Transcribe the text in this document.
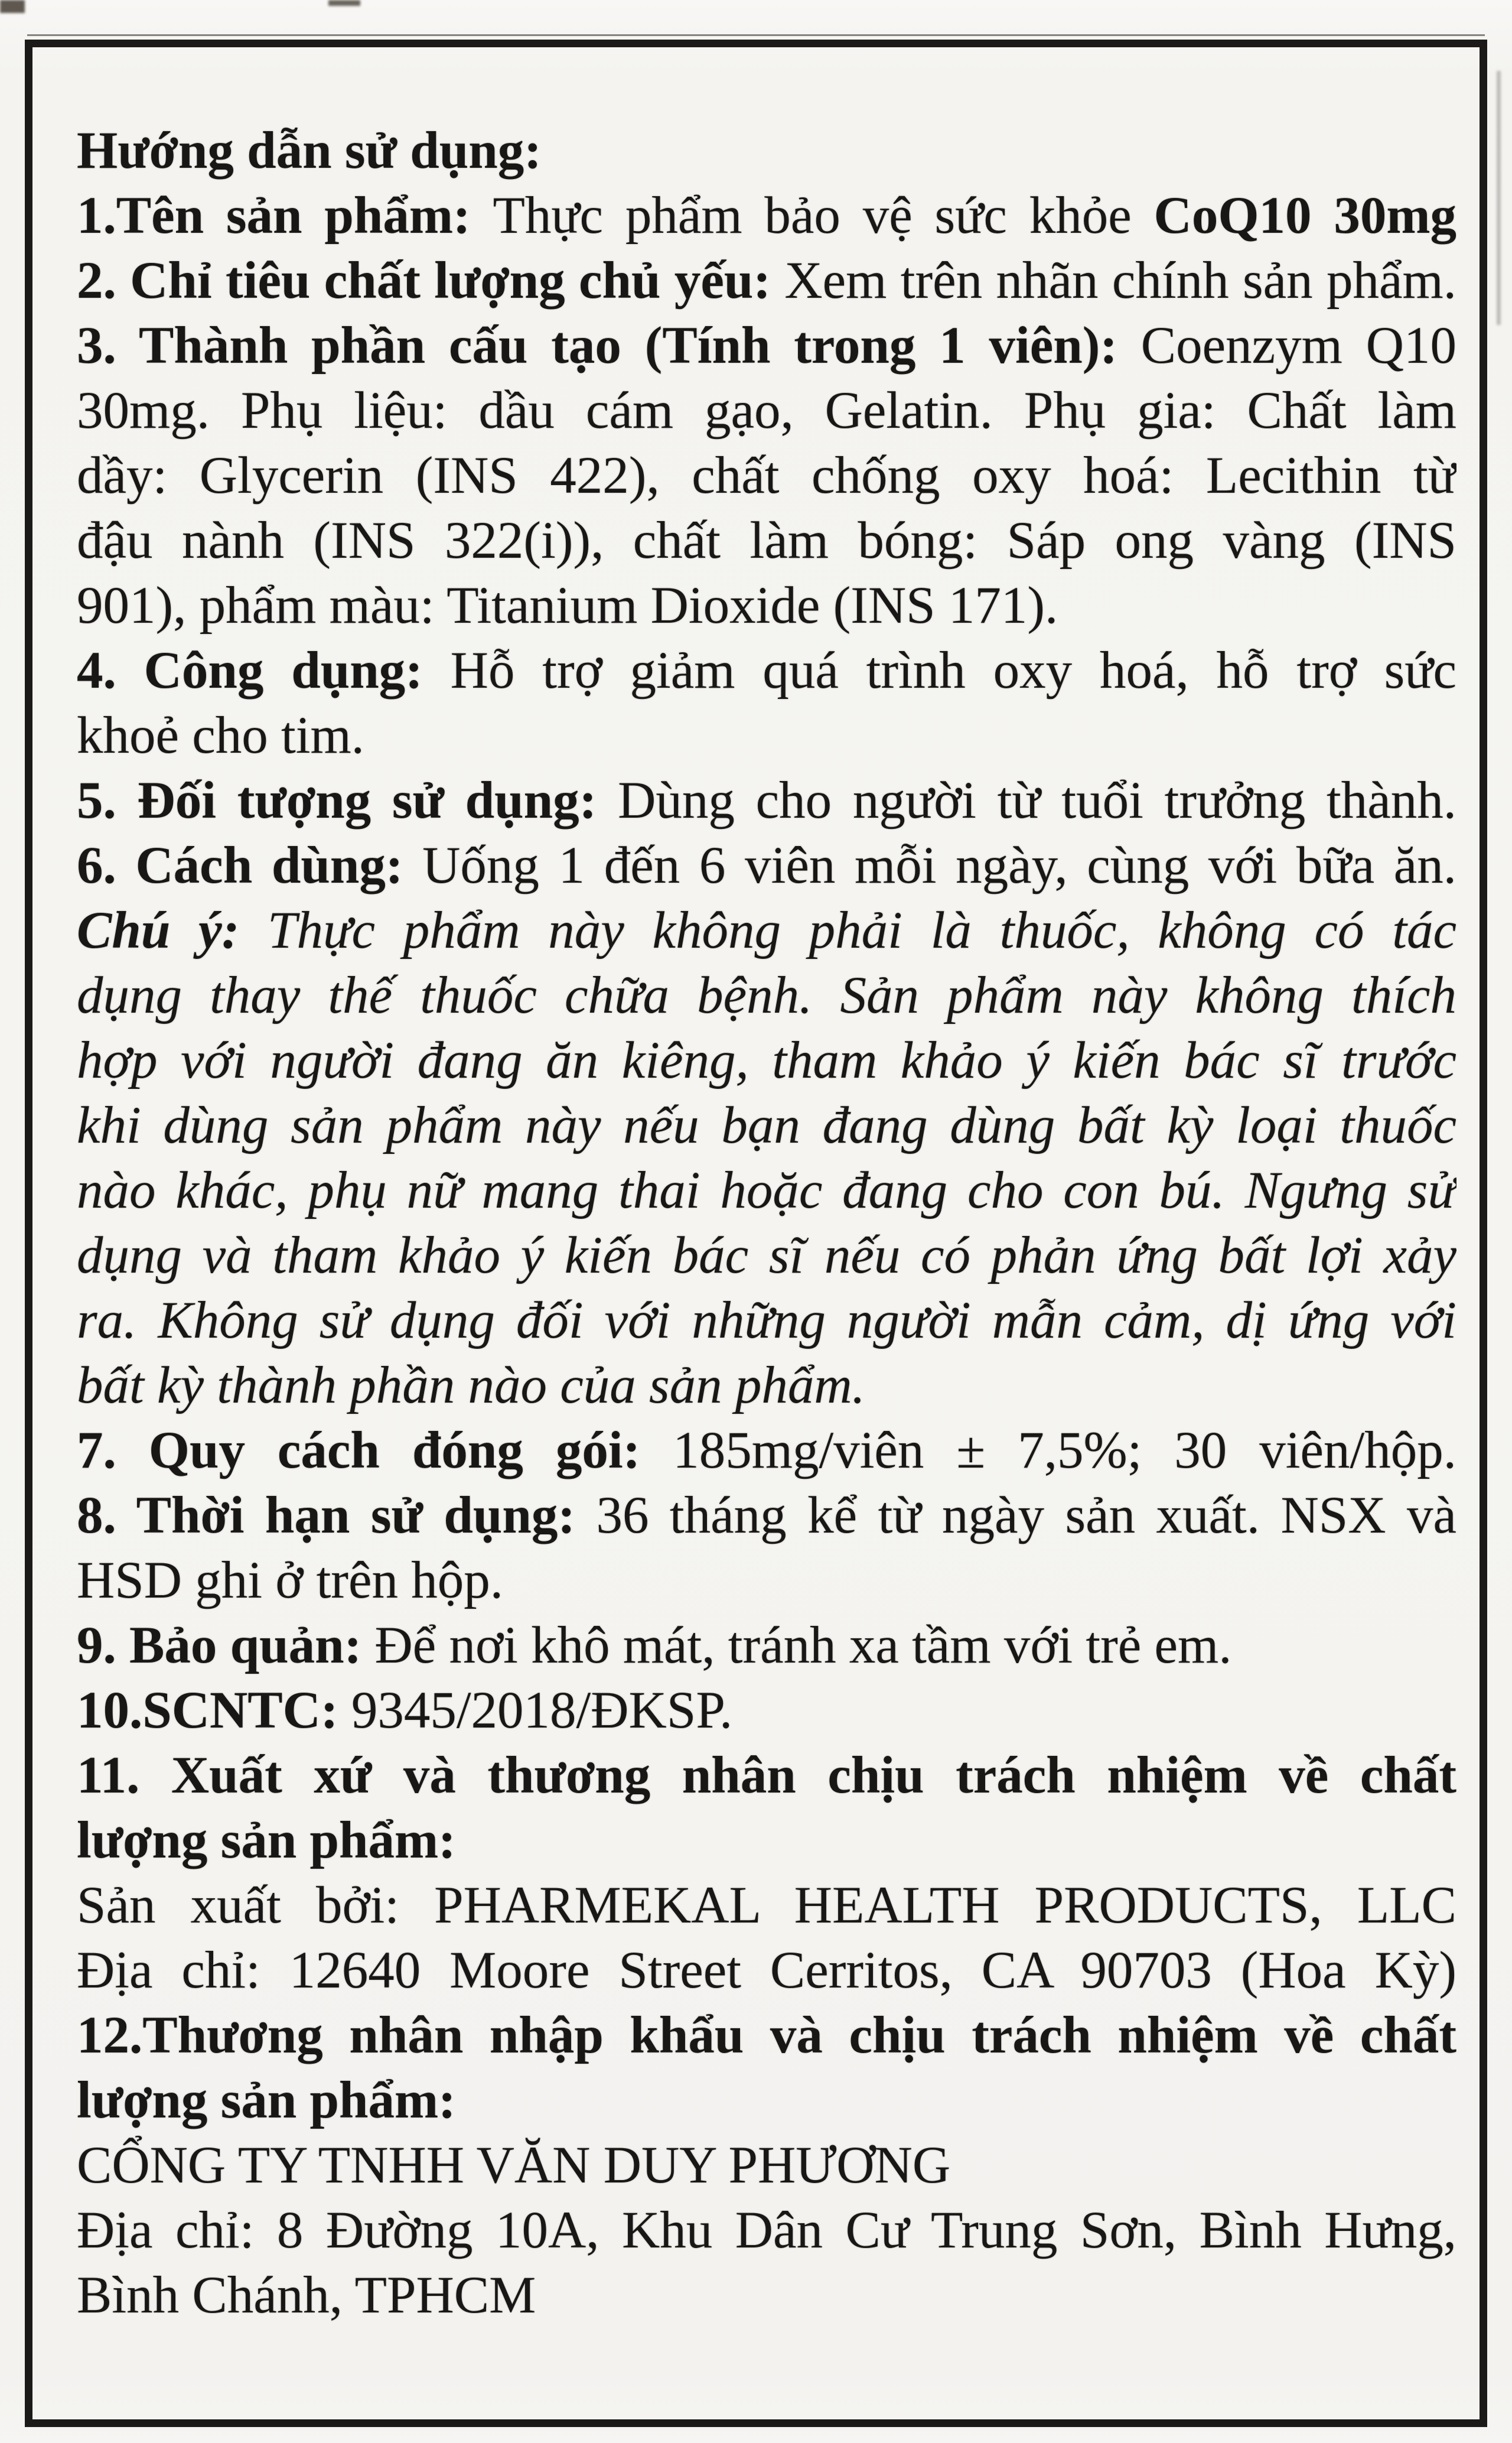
Hướng dẫn sử dụng:
1.Tên sản phẩm: Thực phẩm bảo vệ sức khỏe CoQ10 30mg
2. Chỉ tiêu chất lượng chủ yếu: Xem trên nhãn chính sản phẩm.
3. Thành phần cấu tạo (Tính trong 1 viên): Coenzym Q10
30mg. Phụ liệu: dầu cám gạo, Gelatin. Phụ gia: Chất làm
dầy: Glycerin (INS 422), chất chống oxy hoá: Lecithin từ
đậu nành (INS 322(i)), chất làm bóng: Sáp ong vàng (INS
901), phẩm màu: Titanium Dioxide (INS 171).
4. Công dụng: Hỗ trợ giảm quá trình oxy hoá, hỗ trợ sức
khoẻ cho tim.
5. Đối tượng sử dụng: Dùng cho người từ tuổi trưởng thành.
6. Cách dùng: Uống 1 đến 6 viên mỗi ngày, cùng với bữa ăn.
Chú ý: Thực phẩm này không phải là thuốc, không có tác
dụng thay thế thuốc chữa bệnh. Sản phẩm này không thích
hợp với người đang ăn kiêng, tham khảo ý kiến bác sĩ trước
khi dùng sản phẩm này nếu bạn đang dùng bất kỳ loại thuốc
nào khác, phụ nữ mang thai hoặc đang cho con bú. Ngưng sử
dụng và tham khảo ý kiến bác sĩ nếu có phản ứng bất lợi xảy
ra. Không sử dụng đối với những người mẫn cảm, dị ứng với
bất kỳ thành phần nào của sản phẩm.
7. Quy cách đóng gói: 185mg/viên ± 7,5%; 30 viên/hộp.
8. Thời hạn sử dụng: 36 tháng kể từ ngày sản xuất. NSX và
HSD ghi ở trên hộp.
9. Bảo quản: Để nơi khô mát, tránh xa tầm với trẻ em.
10.SCNTC: 9345/2018/ĐKSP.
11. Xuất xứ và thương nhân chịu trách nhiệm về chất
lượng sản phẩm:
Sản xuất bởi: PHARMEKAL HEALTH PRODUCTS, LLC
Địa chỉ: 12640 Moore Street Cerritos, CA 90703 (Hoa Kỳ)
12.Thương nhân nhập khẩu và chịu trách nhiệm về chất
lượng sản phẩm:
CỔNG TY TNHH VĂN DUY PHƯƠNG
Địa chỉ: 8 Đường 10A, Khu Dân Cư Trung Sơn, Bình Hưng,
Bình Chánh, TPHCM
